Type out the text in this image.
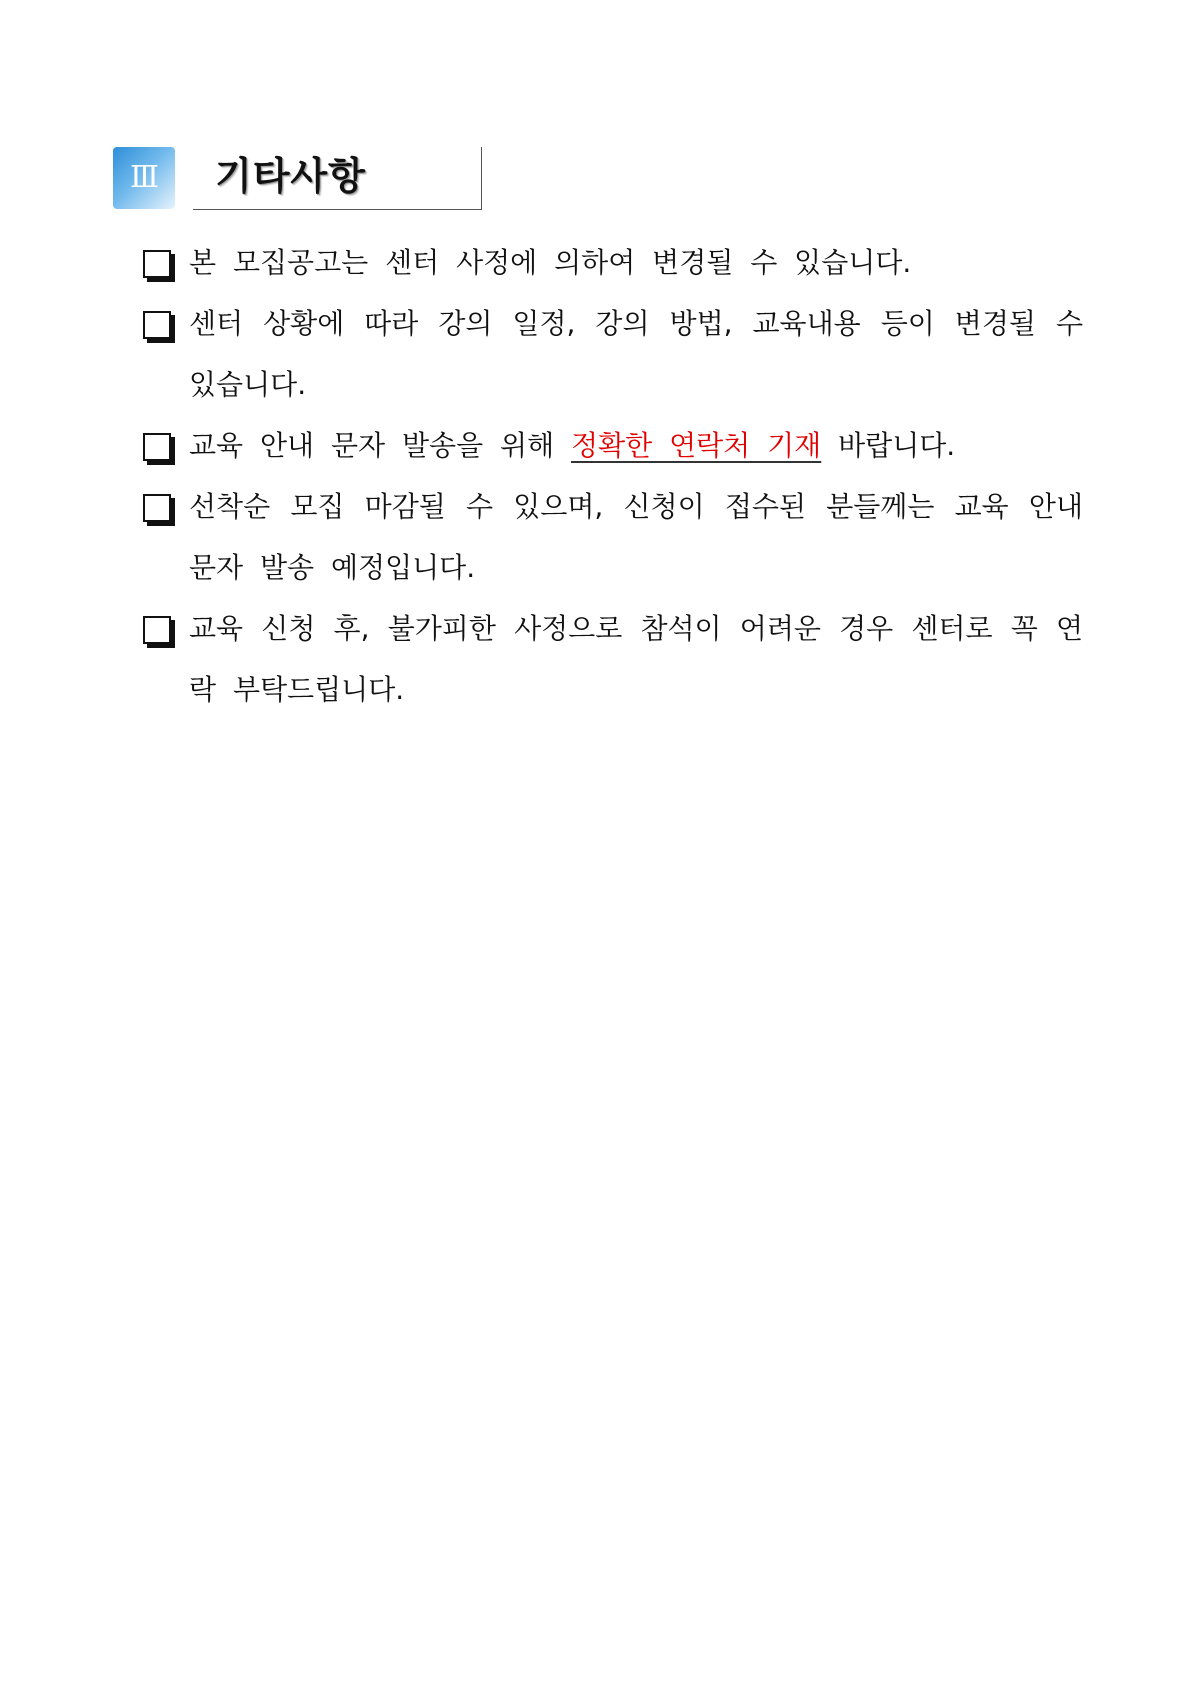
Ⅲ	기타사항
본 모집공고는 센터 사정에 의하여 변경될 수 있습니다.
센터 상황에 따라 강의 일정, 강의 방법, 교육내용 등이 변경될 수 있습니다.
교육 안내 문자 발송을 위해 정확한 연락처 기재 바랍니다.
선착순 모집 마감될 수 있으며, 신청이 접수된 분들께는 교육 안내 문자 발송 예정입니다.
교육 신청 후, 불가피한 사정으로 참석이 어려운 경우 센터로 꼭 연락 부탁드립니다.
